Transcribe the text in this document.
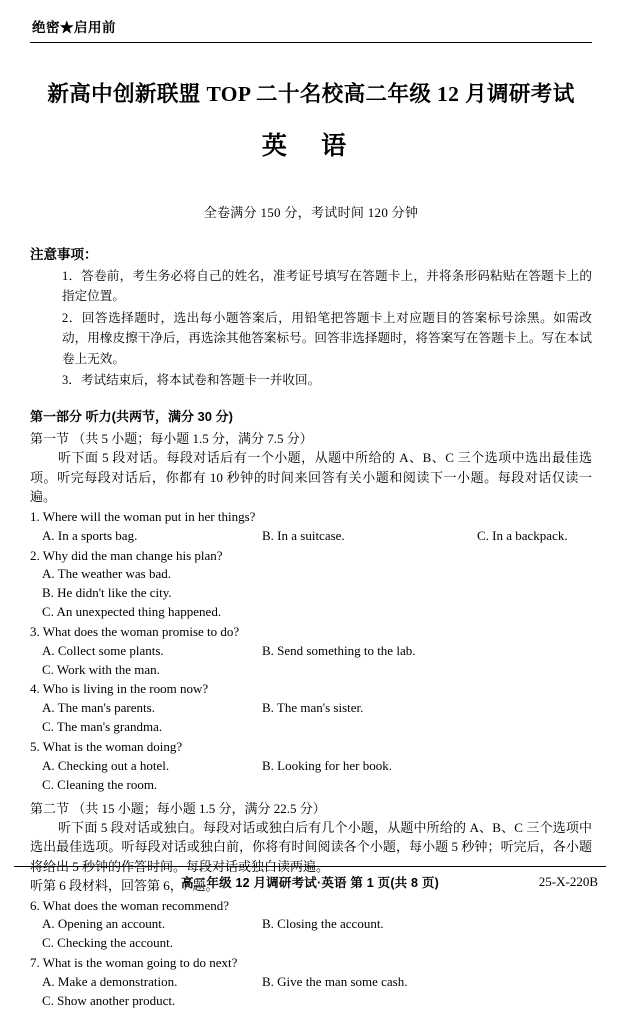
绝密★启用前
新高中创新联盟 TOP 二十名校高二年级 12 月调研考试
英 语
全卷满分 150 分，考试时间 120 分钟
注意事项：
1．答卷前，考生务必将自己的姓名，准考证号填写在答题卡上，并将条形码粘贴在答题卡上的指定位置。
2．回答选择题时，选出每小题答案后，用铅笔把答题卡上对应题目的答案标号涂黑。如需改动，用橡皮擦干净后，再选涂其他答案标号。回答非选择题时，将答案写在答题卡上。写在本试卷上无效。
3．考试结束后，将本试卷和答题卡一并收回。
第一部分 听力(共两节，满分 30 分)
第一节 （共 5 小题；每小题 1.5 分，满分 7.5 分）
听下面 5 段对话。每段对话后有一个小题，从题中所给的 A、B、C 三个选项中选出最佳选项。听完每段对话后，你都有 10 秒钟的时间来回答有关小题和阅读下一小题。每段对话仅读一遍。
1. Where will the woman put in her things?
A. In a sports bag.	B. In a suitcase.	C. In a backpack.
2. Why did the man change his plan?
A. The weather was bad.
B. He didn't like the city.
C. An unexpected thing happened.
3. What does the woman promise to do?
A. Collect some plants.	B. Send something to the lab.C. Work with the man.
4. Who is living in the room now?
A. The man's parents.	B. The man's sister.C. The man's grandma.
5. What is the woman doing?
A. Checking out a hotel.	B. Looking for her book.C. Cleaning the room.
第二节 （共 15 小题；每小题 1.5 分，满分 22.5 分）
听下面 5 段对话或独白。每段对话或独白后有几个小题，从题中所给的 A、B、C 三个选项中选出最佳选项。听每段对话或独白前，你将有时间阅读各个小题，每小题 5 秒钟；听完后，各小题将给出 5 秒钟的作答时间。每段对话或独白读两遍。
听第 6 段材料，回答第 6，7 题。
6. What does the woman recommend?
A. Opening an account.	B. Closing the account.C. Checking the account.
7. What is the woman going to do next?
A. Make a demonstration.	B. Give the man some cash.C. Show another product.
高二年级 12 月调研考试·英语 第 1 页(共 8 页)	25-X-220B
